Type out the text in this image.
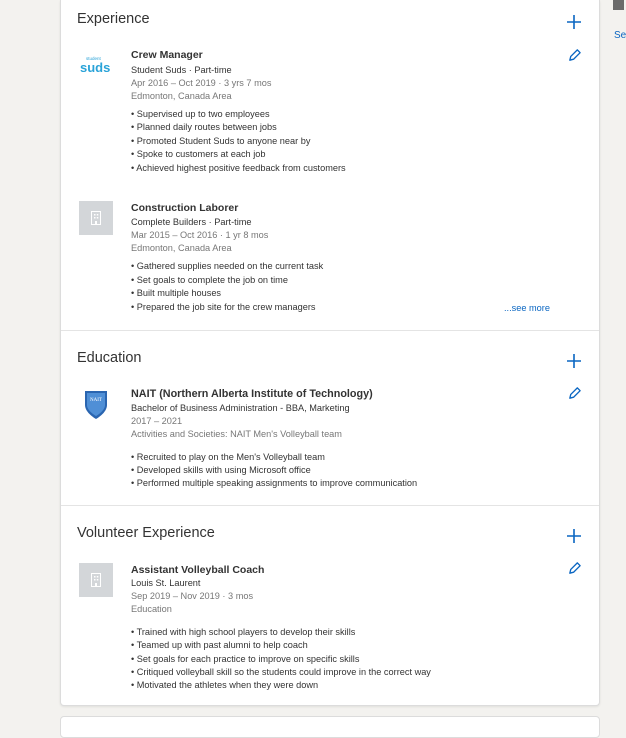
Se
Experience
student
suds
Crew Manager
Student Suds · Part-time
Apr 2016 – Oct 2019 · 3 yrs 7 mos
Edmonton, Canada Area
• Supervised up to two employees
• Planned daily routes between jobs
• Promoted Student Suds to anyone near by
• Spoke to customers at each job
• Achieved highest positive feedback from customers
Construction Laborer
Complete Builders · Part-time
Mar 2015 – Oct 2016 · 1 yr 8 mos
Edmonton, Canada Area
• Gathered supplies needed on the current task
• Set goals to complete the job on time
• Built multiple houses
• Prepared the job site for the crew managers	...see more
Education
NAIT
NAIT (Northern Alberta Institute of Technology)
Bachelor of Business Administration - BBA, Marketing
2017 – 2021
Activities and Societies: NAIT Men's Volleyball team
• Recruited to play on the Men's Volleyball team
• Developed skills with using Microsoft office
• Performed multiple speaking assignments to improve communication
Volunteer Experience
Assistant Volleyball Coach
Louis St. Laurent
Sep 2019 – Nov 2019 · 3 mos
Education
• Trained with high school players to develop their skills
• Teamed up with past alumni to help coach
• Set goals for each practice to improve on specific skills
• Critiqued volleyball skill so the students could improve in the correct way
• Motivated the athletes when they were down
